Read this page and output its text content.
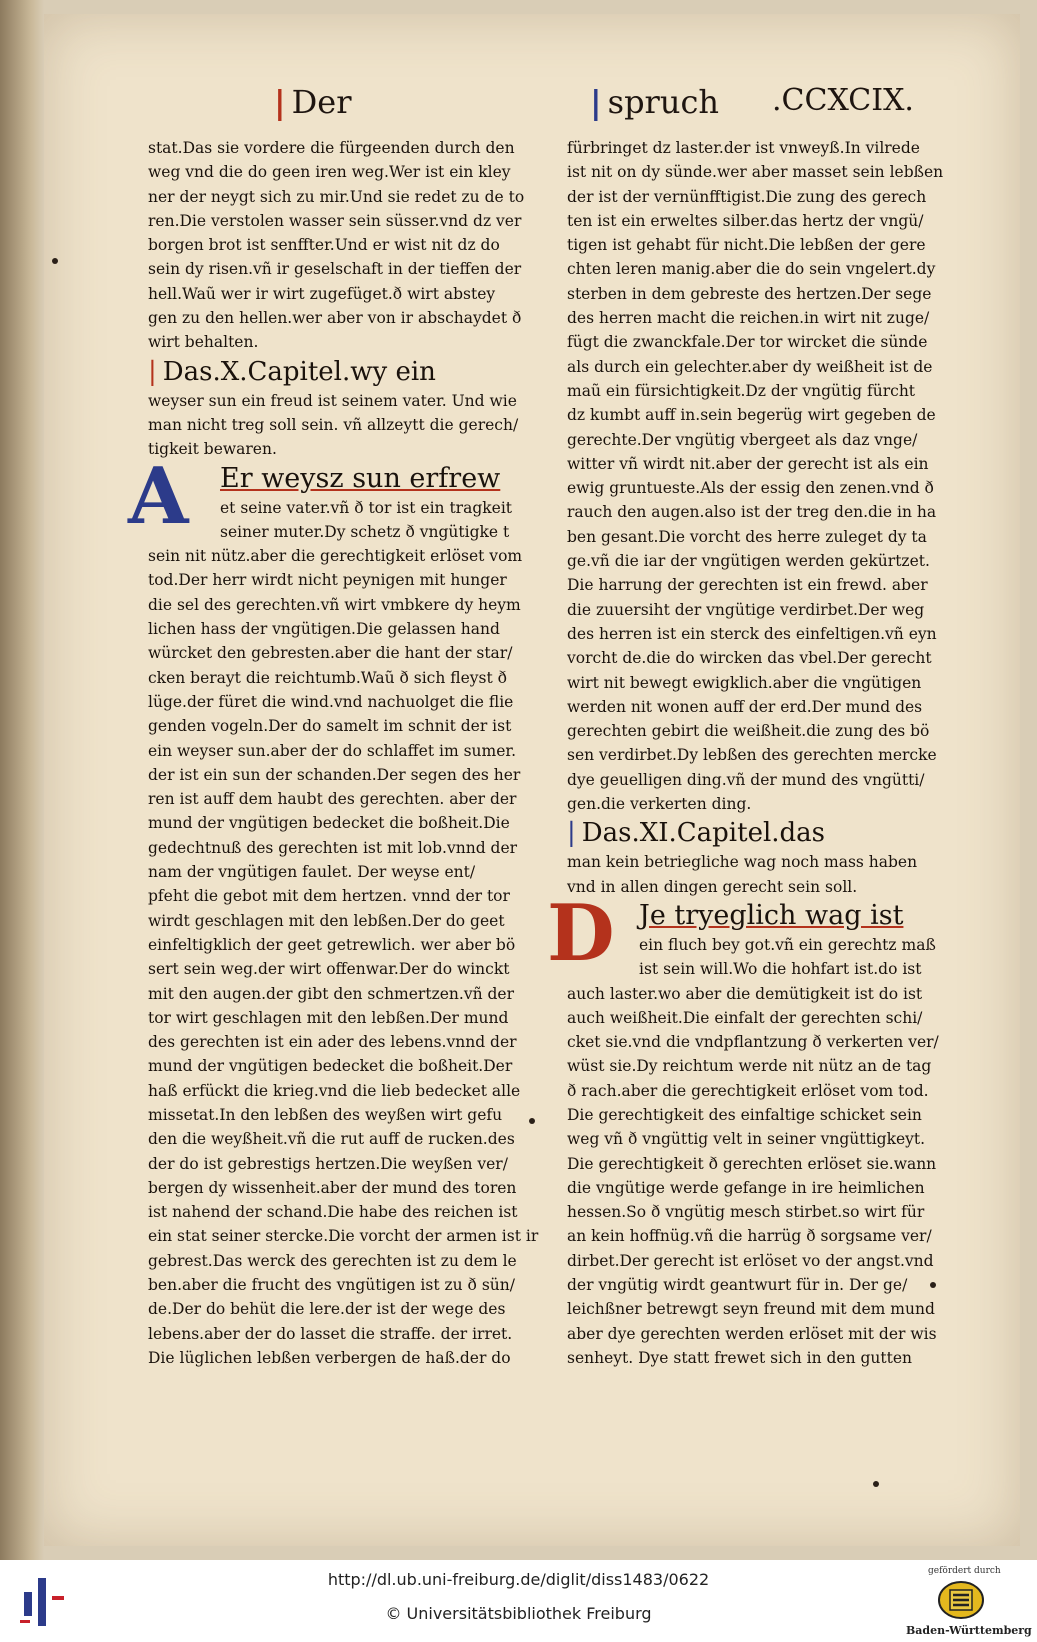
| Der	| spruch .CCXCIX.
stat.Das sie vordere die fürgeenden durch den
weg vnd die do geen iren weg.Wer ist ein kley
ner der neygt sich zu mir.Und sie redet zu de to
ren.Die verstolen wasser sein süsser.vnd dz ver
borgen brot ist senffter.Und er wist nit dz do
sein dy risen.vñ ir geselschaft in der tieffen der
hell.Waũ wer ir wirt zugefüget.ð wirt abstey
gen zu den hellen.wer aber von ir abschaydet ð
wirt behalten.
| Das.X.Capitel.wy ein
weyser sun ein freud ist seinem vater. Und wie
man nicht treg soll sein. vñ allzeytt die gerech/
tigkeit bewaren.
A Er weysz sun erfrew
et seine vater.vñ ð tor ist ein tragkeit
seiner muter.Dy schetz ð vngütigke t
sein nit nütz.aber die gerechtigkeit erlöset vom
tod.Der herr wirdt nicht peynigen mit hunger
die sel des gerechten.vñ wirt vmbkere dy heym
lichen hass der vngütigen.Die gelassen hand
würcket den gebresten.aber die hant der star/
cken berayt die reichtumb.Waũ ð sich fleyst ð
lüge.der füret die wind.vnd nachuolget die flie
genden vogeln.Der do samelt im schnit der ist
ein weyser sun.aber der do schlaffet im sumer.
der ist ein sun der schanden.Der segen des her
ren ist auff dem haubt des gerechten. aber der
mund der vngütigen bedecket die boßheit.Die
gedechtnuß des gerechten ist mit lob.vnnd der
nam der vngütigen faulet. Der weyse ent/
pfeht die gebot mit dem hertzen. vnnd der tor
wirdt geschlagen mit den lebßen.Der do geet
einfeltigklich der geet getrewlich. wer aber bö
sert sein weg.der wirt offenwar.Der do winckt
mit den augen.der gibt den schmertzen.vñ der
tor wirt geschlagen mit den lebßen.Der mund
des gerechten ist ein ader des lebens.vnnd der
mund der vngütigen bedecket die boßheit.Der
haß erfückt die krieg.vnd die lieb bedecket alle
missetat.In den lebßen des weyßen wirt gefu
den die weyßheit.vñ die rut auff de rucken.des
der do ist gebrestigs hertzen.Die weyßen ver/
bergen dy wissenheit.aber der mund des toren
ist nahend der schand.Die habe des reichen ist
ein stat seiner stercke.Die vorcht der armen ist ir
gebrest.Das werck des gerechten ist zu dem le
ben.aber die frucht des vngütigen ist zu ð sün/
de.Der do behüt die lere.der ist der wege des
lebens.aber der do lasset die straffe. der irret.
Die lüglichen lebßen verbergen de haß.der do
fürbringet dz laster.der ist vnweyß.In vilrede
ist nit on dy sünde.wer aber masset sein lebßen
der ist der vernünfftigist.Die zung des gerech
ten ist ein erweltes silber.das hertz der vngü/
tigen ist gehabt für nicht.Die lebßen der gere
chten leren manig.aber die do sein vngelert.dy
sterben in dem gebreste des hertzen.Der sege
des herren macht die reichen.in wirt nit zuge/
fügt die zwanckfale.Der tor wircket die sünde
als durch ein gelechter.aber dy weißheit ist de
maũ ein fürsichtigkeit.Dz der vngütig fürcht
dz kumbt auff in.sein begerüg wirt gegeben de
gerechte.Der vngütig vbergeet als daz vnge/
witter vñ wirdt nit.aber der gerecht ist als ein
ewig gruntueste.Als der essig den zenen.vnd ð
rauch den augen.also ist der treg den.die in ha
ben gesant.Die vorcht des herre zuleget dy ta
ge.vñ die iar der vngütigen werden gekürtzet.
Die harrung der gerechten ist ein frewd. aber
die zuuersiht der vngütige verdirbet.Der weg
des herren ist ein sterck des einfeltigen.vñ eyn
vorcht de.die do wircken das vbel.Der gerecht
wirt nit bewegt ewigklich.aber die vngütigen
werden nit wonen auff der erd.Der mund des
gerechten gebirt die weißheit.die zung des bö
sen verdirbet.Dy lebßen des gerechten mercke
dye geuelligen ding.vñ der mund des vngütti/
gen.die verkerten ding.
| Das.XI.Capitel.das
man kein betriegliche wag noch mass haben
vnd in allen dingen gerecht sein soll.
D Je tryeglich wag ist
ein fluch bey got.vñ ein gerechtz maß
ist sein will.Wo die hohfart ist.do ist
auch laster.wo aber die demütigkeit ist do ist
auch weißheit.Die einfalt der gerechten schi/
cket sie.vnd die vndpflantzung ð verkerten ver/
wüst sie.Dy reichtum werde nit nütz an de tag
ð rach.aber die gerechtigkeit erlöset vom tod.
Die gerechtigkeit des einfaltige schicket sein
weg vñ ð vngüttig velt in seiner vngüttigkeyt.
Die gerechtigkeit ð gerechten erlöset sie.wann
die vngütige werde gefange in ire heimlichen
hessen.So ð vngütig mesch stirbet.so wirt für
an kein hoffnüg.vñ die harrüg ð sorgsame ver/
dirbet.Der gerecht ist erlöset vo der angst.vnd
der vngütig wirdt geantwurt für in. Der ge/
leichßner betrewgt seyn freund mit dem mund
aber dye gerechten werden erlöset mit der wis
senheyt. Dye statt frewet sich in den gutten
http://dl.ub.uni-freiburg.de/diglit/diss1483/0622
© Universitätsbibliothek Freiburg
gefördert durch
Baden-Württemberg
